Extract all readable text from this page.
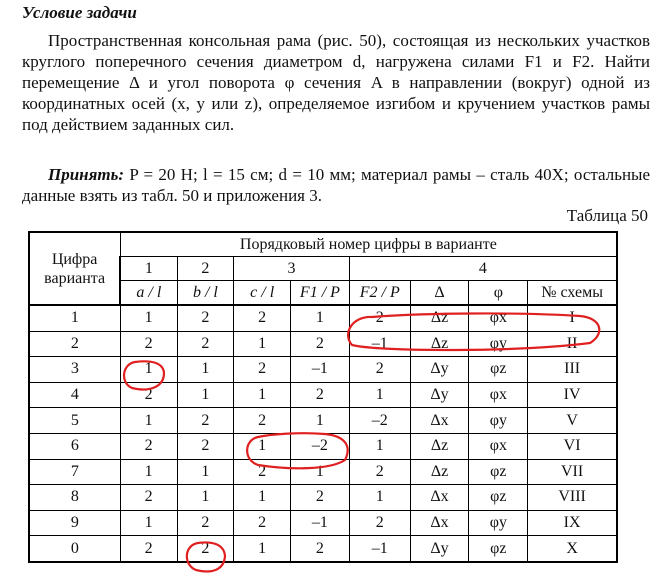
Условие задачи

Пространственная консольная рама (рис. 50), состоящая из нескольких участков круглого поперечного сечения диаметром d, нагружена силами F1 и F2. Найти перемещение Δ и угол поворота φ сечения A в направлении (вокруг) одной из координатных осей (x, y или z), определяемое изгибом и кручением участков рамы под действием заданных сил.

Принять: P = 20 Н; l = 15 см; d = 10 мм; материал рамы – сталь 40Х; остальные данные взять из табл. 50 и приложения 3.

Таблица 50
Цифра варианта	Порядковый номер цифры в варианте							
	1	2	3		4			
	a / l	b / l	c / l	F1 / P	F2 / P	Δ	φ	№ схемы
1	1	2	2	1	2	Δz	φx	I
2	2	2	1	2	–1	Δz	φy	II
3	1	1	2	–1	2	Δy	φz	III
4	2	1	1	2	1	Δy	φx	IV
5	1	2	2	1	–2	Δx	φy	V
6	2	2	1	–2	1	Δz	φx	VI
7	1	1	2	1	2	Δz	φz	VII
8	2	1	1	2	1	Δx	φz	VIII
9	1	2	2	–1	2	Δx	φy	IX
0	2	2	1	2	–1	Δy	φz	X
